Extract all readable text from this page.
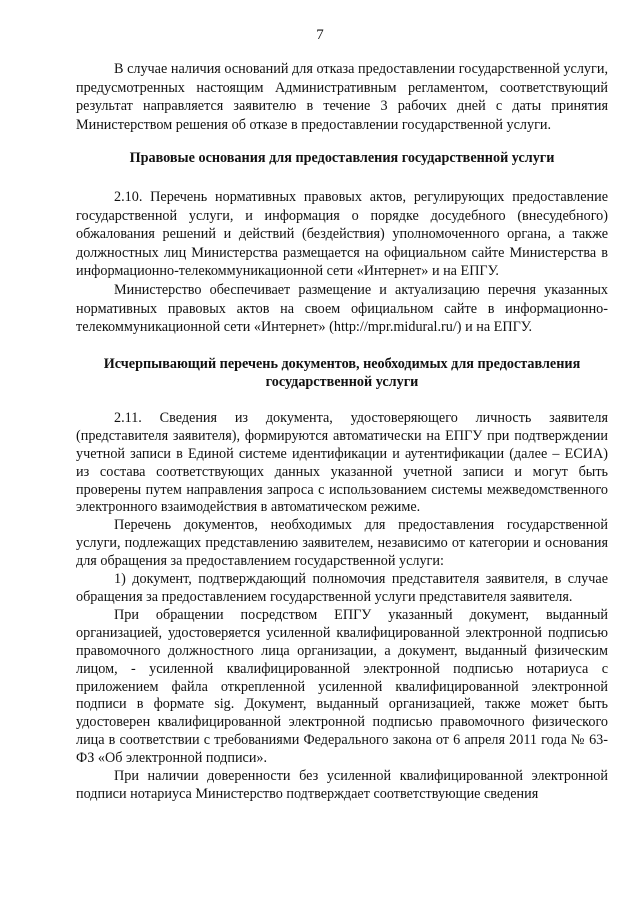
7

В случае наличия оснований для отказа предоставлении государственной услуги, предусмотренных настоящим Административным регламентом, соответствующий результат направляется заявителю в течение 3 рабочих дней с даты принятия Министерством решения об отказе в предоставлении государственной услуги.

Правовые основания для предоставления государственной услуги

2.10. Перечень нормативных правовых актов, регулирующих предоставление государственной услуги, и информация о порядке досудебного (внесудебного) обжалования решений и действий (бездействия) уполномоченного органа, а также должностных лиц Министерства размещается на официальном сайте Министерства в информационно-телекоммуникационной сети «Интернет» и на ЕПГУ.

Министерство обеспечивает размещение и актуализацию перечня указанных нормативных правовых актов на своем официальном сайте в информационно-телекоммуникационной сети «Интернет» (http://mpr.midural.ru/) и на ЕПГУ.

Исчерпывающий перечень документов, необходимых для предоставления государственной услуги

2.11. Сведения из документа, удостоверяющего личность заявителя (представителя заявителя), формируются автоматически на ЕПГУ при подтверждении учетной записи в Единой системе идентификации и аутентификации (далее – ЕСИА) из состава соответствующих данных указанной учетной записи и могут быть проверены путем направления запроса с использованием системы межведомственного электронного взаимодействия в автоматическом режиме.

Перечень документов, необходимых для предоставления государственной услуги, подлежащих представлению заявителем, независимо от категории и основания для обращения за предоставлением государственной услуги:

1) документ, подтверждающий полномочия представителя заявителя, в случае обращения за предоставлением государственной услуги представителя заявителя.

При обращении посредством ЕПГУ указанный документ, выданный организацией, удостоверяется усиленной квалифицированной электронной подписью правомочного должностного лица организации, а документ, выданный физическим лицом, - усиленной квалифицированной электронной подписью нотариуса с приложением файла открепленной усиленной квалифицированной электронной подписи в формате sig. Документ, выданный организацией, также может быть удостоверен квалифицированной электронной подписью правомочного физического лица в соответствии с требованиями Федерального закона от 6 апреля 2011 года № 63-ФЗ «Об электронной подписи».

При наличии доверенности без усиленной квалифицированной электронной подписи нотариуса Министерство подтверждает соответствующие сведения
